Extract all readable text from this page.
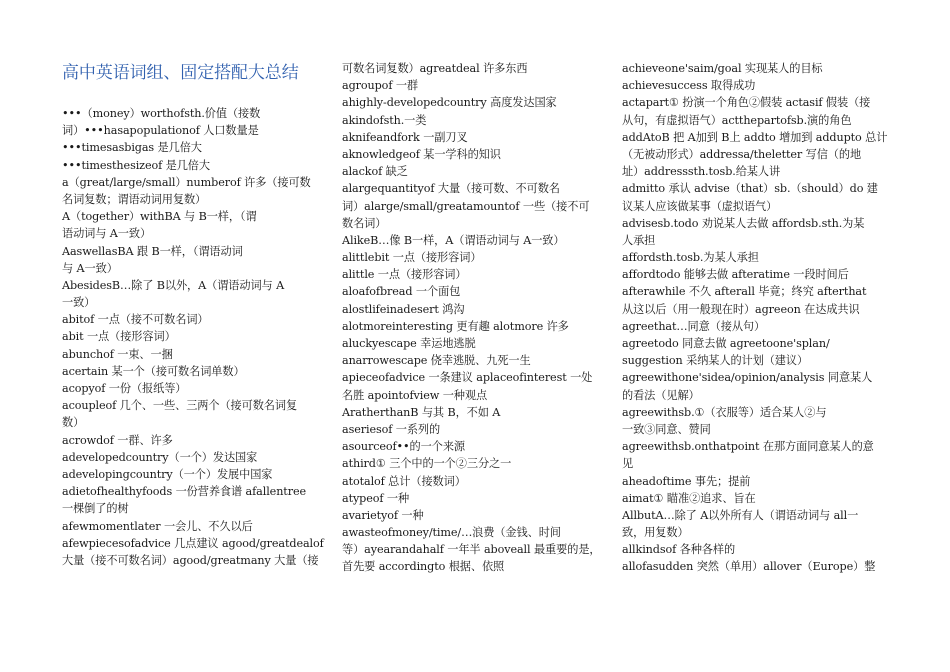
高中英语词组、固定搭配大总结
•••（money）worthofsth.价值（接数
词）•••hasapopulationof 人口数量是
•••timesasbigas 是几倍大
•••timesthesizeof 是几倍大
a（great/large/small）numberof 许多（接可数
名词复数；谓语动词用复数）
A（together）withBA 与 B一样，（谓
语动词与 A一致）
AaswellasBA 跟 B一样，（谓语动词
与 A一致）
AbesidesB…除了 B以外，A（谓语动词与 A
一致）
abitof 一点（接不可数名词）
abit 一点（接形容词）
abunchof 一束、一捆
acertain 某一个（接可数名词单数）
acopyof 一份（报纸等）
acoupleof 几个、一些、三两个（接可数名词复
数）
acrowdof 一群、许多
adevelopedcountry（一个）发达国家
adevelopingcountry（一个）发展中国家
adietofhealthyfoods 一份营养食谱 afallentree
一棵倒了的树
afewmomentlater 一会儿、不久以后
afewpiecesofadvice 几点建议 agood/greatdealof
大量（接不可数名词）agood/greatmany 大量（接
可数名词复数）agreatdeal 许多东西
agroupof 一群
ahighly-developedcountry 高度发达国家
akindofsth.一类
aknifeandfork 一副刀叉
aknowledgeof 某一学科的知识
alackof 缺乏
alargequantityof 大量（接可数、不可数名
词）alarge/small/greatamountof 一些（接不可
数名词）
AlikeB…像 B一样，A（谓语动词与 A一致）
alittlebit 一点（接形容词）
alittle 一点（接形容词）
aloafofbread 一个面包
alostlifeinadesert 鸿沟
alotmoreinteresting 更有趣 alotmore 许多
aluckyescape 幸运地逃脱
anarrowescape 侥幸逃脱、九死一生
apieceofadvice 一条建议 aplaceofinterest 一处
名胜 apointofview 一种观点
AratherthanB 与其 B，不如 A
aseriesof 一系列的
asourceof••的一个来源
athird① 三个中的一个②三分之一
atotalof 总计（接数词）
atypeof 一种
avarietyof 一种
awasteofmoney/time/…浪费（金钱、时间
等）ayearandahalf 一年半 aboveall 最重要的是，
首先要 accordingto 根据、依照
achieveone'saim/goal 实现某人的目标
achievesuccess 取得成功
actapart① 扮演一个角色②假装 actasif 假装（接
从句，有虚拟语气）actthepartofsb.演的角色
addAtoB 把 A加到 B上 addto 增加到 addupto 总计
（无被动形式）addressa/theletter 写信（的地
址）addresssth.tosb.给某人讲
admitto 承认 advise（that）sb.（should）do 建
议某人应该做某事（虚拟语气）
advisesb.todo 劝说某人去做 affordsb.sth.为某
人承担
affordsth.tosb.为某人承担
affordtodo 能够去做 afteratime 一段时间后
afterawhile 不久 afterall 毕竟；终究 afterthat
从这以后（用一般现在时）agreeon 在达成共识
agreethat…同意（接从句）
agreetodo 同意去做 agreetoone'splan/
suggestion 采纳某人的计划（建议）
agreewithone'sidea/opinion/analysis 同意某人
的看法（见解）
agreewithsb.①（衣服等）适合某人②与
一致③同意、赞同
agreewithsb.onthatpoint 在那方面同意某人的意
见
aheadoftime 事先；提前
aimat① 瞄准②追求、旨在
AllbutA…除了 A以外所有人（谓语动词与 all一
致，用复数）
allkindsof 各种各样的
allofasudden 突然（单用）allover（Europe）整
